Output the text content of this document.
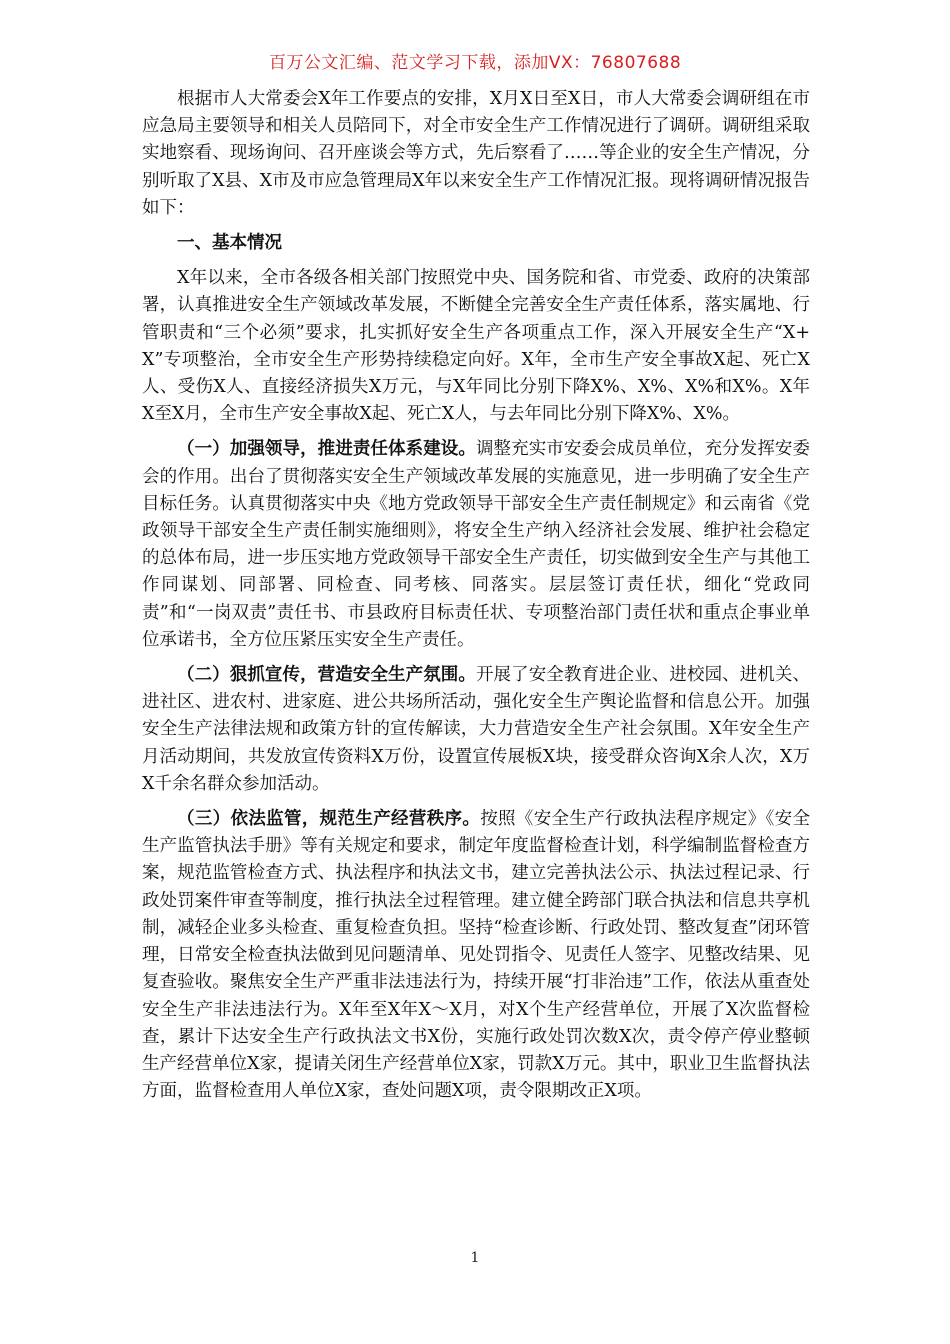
百万公文汇编、范文学习下载，添加VX：76807688

根据市人大常委会X年工作要点的安排，X月X日至X日，市人大常委会调研组在市应急局主要领导和相关人员陪同下，对全市安全生产工作情况进行了调研。调研组采取实地察看、现场询问、召开座谈会等方式，先后察看了……等企业的安全生产情况，分别听取了X县、X市及市应急管理局X年以来安全生产工作情况汇报。现将调研情况报告如下：

一、基本情况

X年以来，全市各级各相关部门按照党中央、国务院和省、市党委、政府的决策部署，认真推进安全生产领域改革发展，不断健全完善安全生产责任体系，落实属地、行管职责和“三个必须”要求，扎实抓好安全生产各项重点工作，深入开展安全生产“X+X”专项整治，全市安全生产形势持续稳定向好。X年，全市生产安全事故X起、死亡X人、受伤X人、直接经济损失X万元，与X年同比分别下降X%、X%、X%和X%。X年X至X月，全市生产安全事故X起、死亡X人，与去年同比分别下降X%、X%。

（一）加强领导，推进责任体系建设。调整充实市安委会成员单位，充分发挥安委会的作用。出台了贯彻落实安全生产领域改革发展的实施意见，进一步明确了安全生产目标任务。认真贯彻落实中央《地方党政领导干部安全生产责任制规定》和云南省《党政领导干部安全生产责任制实施细则》，将安全生产纳入经济社会发展、维护社会稳定的总体布局，进一步压实地方党政领导干部安全生产责任，切实做到安全生产与其他工作同谋划、同部署、同检查、同考核、同落实。层层签订责任状，细化“党政同责”和“一岗双责”责任书、市县政府目标责任状、专项整治部门责任状和重点企事业单位承诺书，全方位压紧压实安全生产责任。

（二）狠抓宣传，营造安全生产氛围。开展了安全教育进企业、进校园、进机关、进社区、进农村、进家庭、进公共场所活动，强化安全生产舆论监督和信息公开。加强安全生产法律法规和政策方针的宣传解读，大力营造安全生产社会氛围。X年安全生产月活动期间，共发放宣传资料X万份，设置宣传展板X块，接受群众咨询X余人次，X万X千余名群众参加活动。

（三）依法监管，规范生产经营秩序。按照《安全生产行政执法程序规定》《安全生产监管执法手册》等有关规定和要求，制定年度监督检查计划，科学编制监督检查方案，规范监管检查方式、执法程序和执法文书，建立完善执法公示、执法过程记录、行政处罚案件审查等制度，推行执法全过程管理。建立健全跨部门联合执法和信息共享机制，减轻企业多头检查、重复检查负担。坚持“检查诊断、行政处罚、整改复查”闭环管理，日常安全检查执法做到见问题清单、见处罚指令、见责任人签字、见整改结果、见复查验收。聚焦安全生产严重非法违法行为，持续开展“打非治违”工作，依法从重查处安全生产非法违法行为。X年至X年X～X月，对X个生产经营单位，开展了X次监督检查，累计下达安全生产行政执法文书X份，实施行政处罚次数X次，责令停产停业整顿生产经营单位X家，提请关闭生产经营单位X家，罚款X万元。其中，职业卫生监督执法方面，监督检查用人单位X家，查处问题X项，责令限期改正X项。

1
